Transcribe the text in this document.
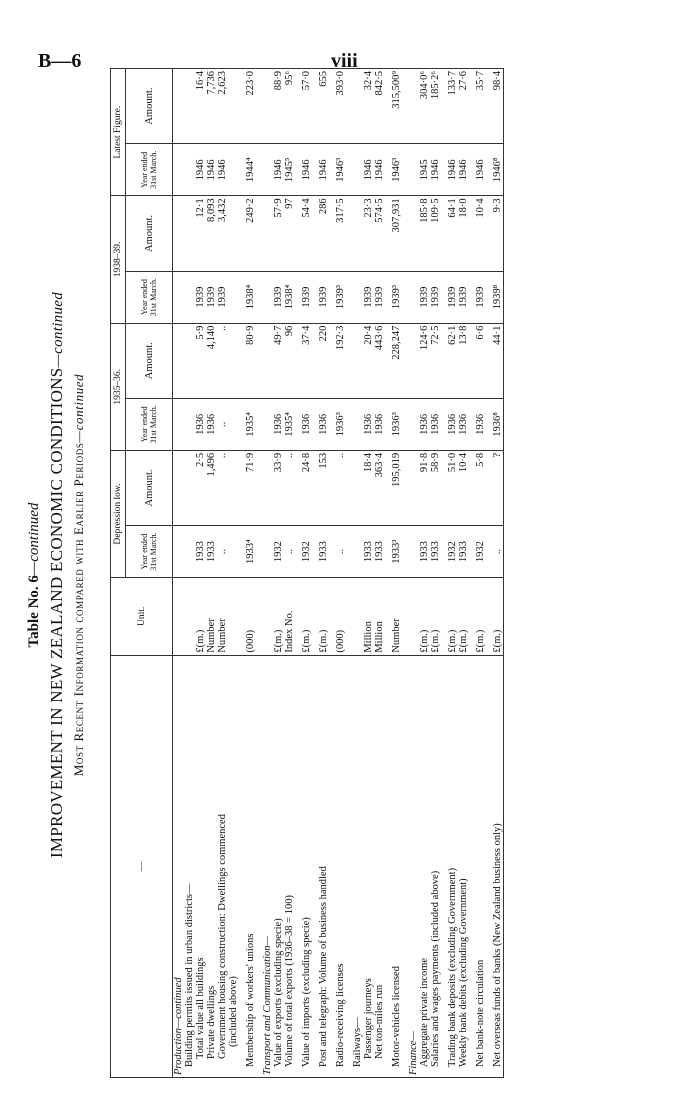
B—6	viii
Table No. 6—continued IMPROVEMENT IN NEW ZEALAND ECONOMIC CONDITIONS—continued
Most Recent Information compared with Earlier Periods—continued
—	Unit.	Depression low.		1935–36.		1938–39.		Latest Figure.	
		Year ended 31st March.	Amount.	Year ended 31st March.	Amount.	Year ended 31st March.	Amount.	Year ended 31st March.	Amount.
Production—continued									
Building permits issued in urban districts—									
Total value all buildings	£(m.)	1933	2·5	1936	5·9	1939	12·1	1946	16·4
Private dwellings	Number	1933	1,496	1936	4,140	1939	8,093	1946	7,736
Government housing construction: Dwellings commenced	Number	..	..	..	..	1939	3,432	1946	2,623
(included above)									

Membership of workers' unions	(000)	1933⁴	71·9	1935⁴	80·9	1938⁴	249·2	1944⁴	223·0

Transport and Communication—									
Value of exports (excluding specie)	£(m.)	1932	33·9	1936	49·7	1939	57·9	1946	88·9
Volume of total exports (1936–38 = 100)	Index No.	..	..	1935⁴	96	1938⁴	97	1945⁵	95⁶

Value of imports (excluding specie)	£(m.)	1932	24·8	1936	37·4	1939	54·4	1946	57·0

Post and telegraph: Volume of business handled	£(m.)	1933	153	1936	220	1939	286	1946	655

Radio-receiving licenses	(000)	..	..	1936³	192·3	1939³	317·5	1946³	393·0

Railways—									
Passenger journeys	Million	1933	18·4	1936	20·4	1939	23·3	1946	32·4
Net ton-miles run	Million	1933	363·4	1936	443·6	1939	574·5	1946	842·5

Motor-vehicles licensed	Number	1933³	195,019	1936³	228,247	1939³	307,931	1946³	315,500⁹

Finance—									
Aggregate private income	£(m.)	1933	91·8	1936	124·6	1939	185·8	1945	304·0⁶
Salaries and wages payments (included above)	£(m.)	1933	58·9	1936	72·5	1939	109·5	1946	185·2⁶

Trading bank deposits (excluding Government)	£(m.)	1932	51·0	1936	62·1	1939	64·1	1946	133·7
Weekly bank debits (excluding Government)	£(m.)	1933	10·4	1936	13·8	1939	18·0	1946	27·6

Net bank-note circulation	£(m.)	1932	5·8	1936	6·6	1939	10·4	1946	35·7

Net overseas funds of banks (New Zealand business only)	£(m.)	..	?	1936⁸	44·1	1939⁸	9·3	1946⁸	98·4
